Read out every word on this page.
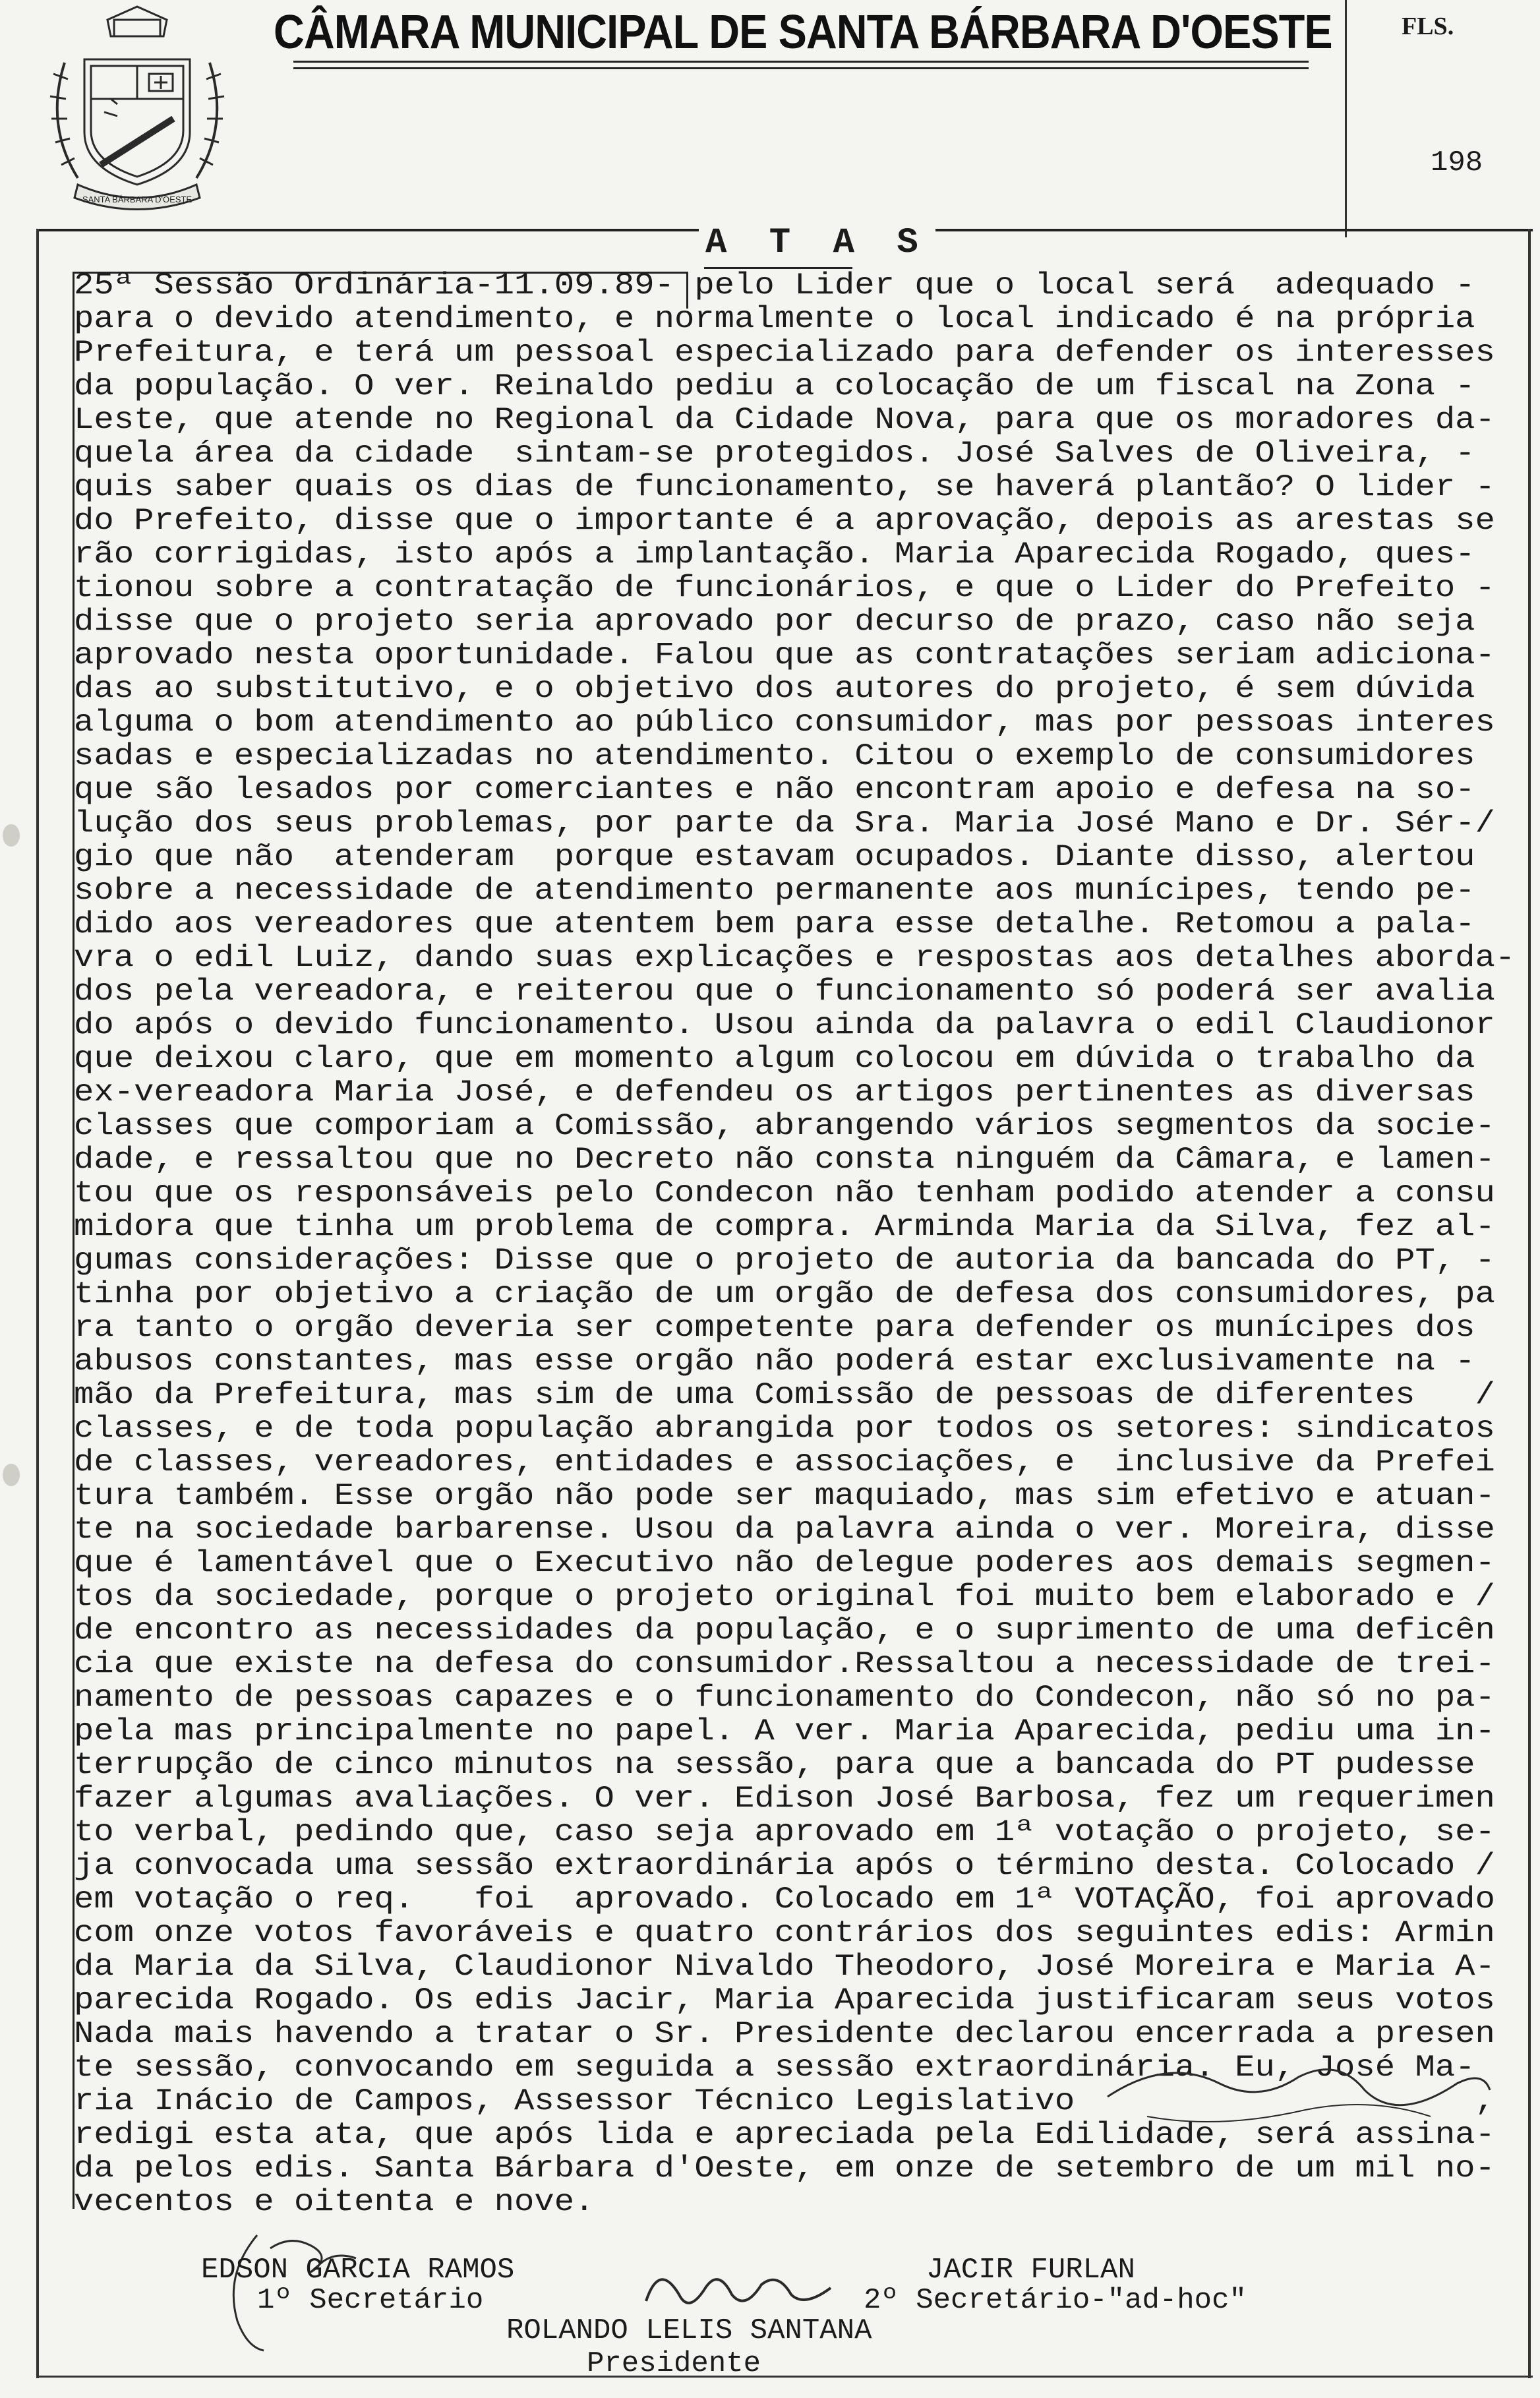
SANTA BÁRBARA D'OESTE
CÂMARA MUNICIPAL DE SANTA BÁRBARA D'OESTE	FLS.
198
A T A S
25ª Sessão Ordinária-11.09.89- pelo Lider que o local será  adequado -
para o devido atendimento, e normalmente o local indicado é na própria
Prefeitura, e terá um pessoal especializado para defender os interesses
da população. O ver. Reinaldo pediu a colocação de um fiscal na Zona -
Leste, que atende no Regional da Cidade Nova, para que os moradores da-
quela área da cidade  sintam-se protegidos. José Salves de Oliveira, -
quis saber quais os dias de funcionamento, se haverá plantão? O lider -
do Prefeito, disse que o importante é a aprovação, depois as arestas se
rão corrigidas, isto após a implantação. Maria Aparecida Rogado, ques-
tionou sobre a contratação de funcionários, e que o Lider do Prefeito -
disse que o projeto seria aprovado por decurso de prazo, caso não seja
aprovado nesta oportunidade. Falou que as contratações seriam adiciona-
das ao substitutivo, e o objetivo dos autores do projeto, é sem dúvida
alguma o bom atendimento ao público consumidor, mas por pessoas interes
sadas e especializadas no atendimento. Citou o exemplo de consumidores
que são lesados por comerciantes e não encontram apoio e defesa na so-
lução dos seus problemas, por parte da Sra. Maria José Mano e Dr. Sér-/
gio que não  atenderam  porque estavam ocupados. Diante disso, alertou
sobre a necessidade de atendimento permanente aos munícipes, tendo pe-
dido aos vereadores que atentem bem para esse detalhe. Retomou a pala-
vra o edil Luiz, dando suas explicações e respostas aos detalhes aborda-
dos pela vereadora, e reiterou que o funcionamento só poderá ser avalia
do após o devido funcionamento. Usou ainda da palavra o edil Claudionor
que deixou claro, que em momento algum colocou em dúvida o trabalho da
ex-vereadora Maria José, e defendeu os artigos pertinentes as diversas
classes que comporiam a Comissão, abrangendo vários segmentos da socie-
dade, e ressaltou que no Decreto não consta ninguém da Câmara, e lamen-
tou que os responsáveis pelo Condecon não tenham podido atender a consu
midora que tinha um problema de compra. Arminda Maria da Silva, fez al-
gumas considerações: Disse que o projeto de autoria da bancada do PT, -
tinha por objetivo a criação de um orgão de defesa dos consumidores, pa
ra tanto o orgão deveria ser competente para defender os munícipes dos
abusos constantes, mas esse orgão não poderá estar exclusivamente na -
mão da Prefeitura, mas sim de uma Comissão de pessoas de diferentes   /
classes, e de toda população abrangida por todos os setores: sindicatos
de classes, vereadores, entidades e associações, e  inclusive da Prefei
tura também. Esse orgão não pode ser maquiado, mas sim efetivo e atuan-
te na sociedade barbarense. Usou da palavra ainda o ver. Moreira, disse
que é lamentável que o Executivo não delegue poderes aos demais segmen-
tos da sociedade, porque o projeto original foi muito bem elaborado e /
de encontro as necessidades da população, e o suprimento de uma deficên
cia que existe na defesa do consumidor.Ressaltou a necessidade de trei-
namento de pessoas capazes e o funcionamento do Condecon, não só no pa-
pela mas principalmente no papel. A ver. Maria Aparecida, pediu uma in-
terrupção de cinco minutos na sessão, para que a bancada do PT pudesse
fazer algumas avaliações. O ver. Edison José Barbosa, fez um requerimen
to verbal, pedindo que, caso seja aprovado em 1ª votação o projeto, se-
ja convocada uma sessão extraordinária após o término desta. Colocado /
em votação o req.   foi  aprovado. Colocado em 1ª VOTAÇÃO, foi aprovado
com onze votos favoráveis e quatro contrários dos seguintes edis: Armin
da Maria da Silva, Claudionor Nivaldo Theodoro, José Moreira e Maria A-
parecida Rogado. Os edis Jacir, Maria Aparecida justificaram seus votos
Nada mais havendo a tratar o Sr. Presidente declarou encerrada a presen
te sessão, convocando em seguida a sessão extraordinária. Eu, José Ma-
ria Inácio de Campos, Assessor Técnico Legislativo                    ,
redigi esta ata, que após lida e apreciada pela Edilidade, será assina-
da pelos edis. Santa Bárbara d'Oeste, em onze de setembro de um mil no-
vecentos e oitenta e nove.
EDSON GARCIA RAMOS
1º Secretário
JACIR FURLAN
2º Secretário-"ad-hoc"
ROLANDO LELIS SANTANA
Presidente
